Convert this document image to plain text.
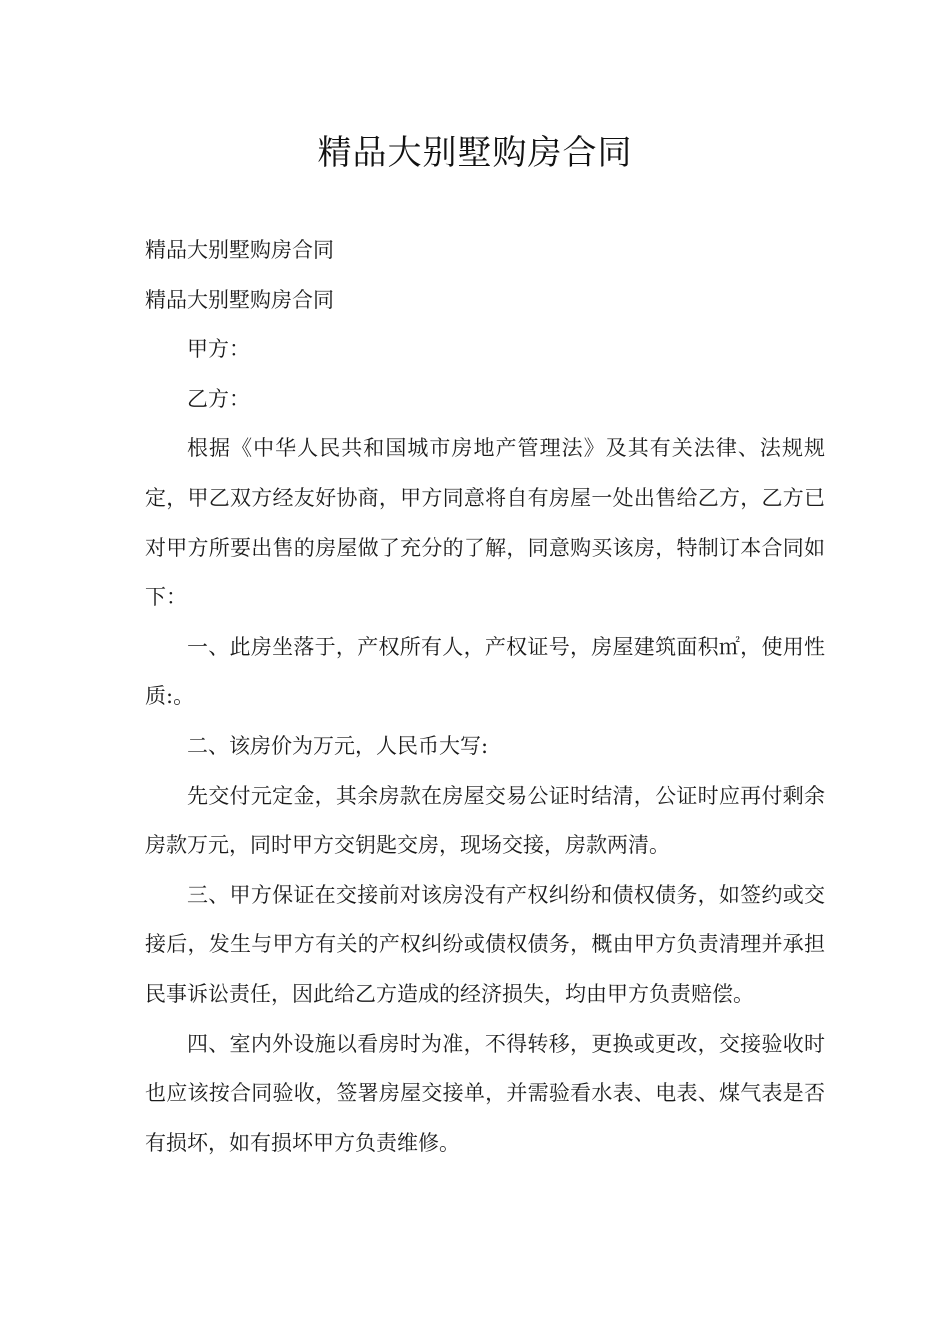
精品大别墅购房合同

精品大别墅购房合同

精品大别墅购房合同

甲方：

乙方：

根据《中华人民共和国城市房地产管理法》及其有关法律、法规规定，甲乙双方经友好协商，甲方同意将自有房屋一处出售给乙方，乙方已对甲方所要出售的房屋做了充分的了解，同意购买该房，特制订本合同如下：

一、此房坐落于，产权所有人，产权证号，房屋建筑面积㎡，使用性质:。

二、该房价为万元，人民币大写:

先交付元定金，其余房款在房屋交易公证时结清，公证时应再付剩余房款万元，同时甲方交钥匙交房，现场交接，房款两清。

三、甲方保证在交接前对该房没有产权纠纷和债权债务，如签约或交接后，发生与甲方有关的产权纠纷或债权债务，概由甲方负责清理并承担民事诉讼责任，因此给乙方造成的经济损失，均由甲方负责赔偿。

四、室内外设施以看房时为准，不得转移，更换或更改，交接验收时也应该按合同验收，签署房屋交接单，并需验看水表、电表、煤气表是否有损坏，如有损坏甲方负责维修。
